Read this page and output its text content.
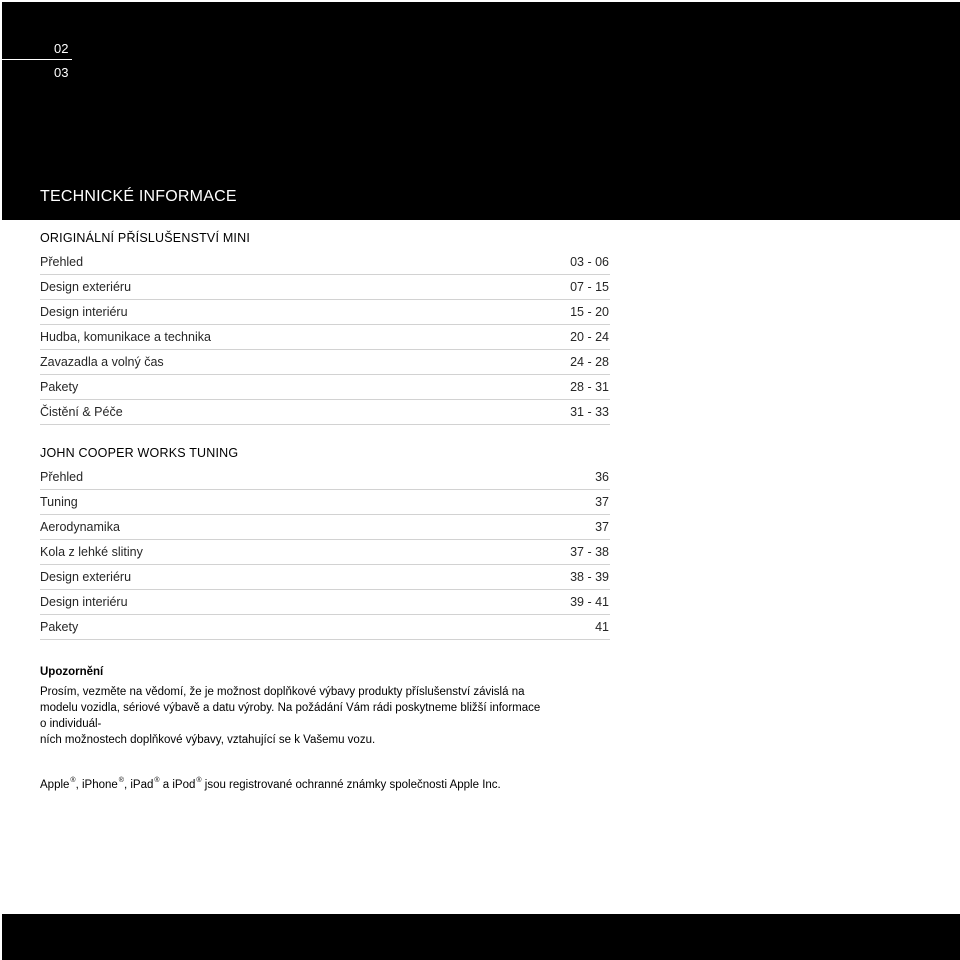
02
03
TECHNICKÉ INFORMACE
ORIGINÁLNÍ PŘÍSLUŠENSTVÍ MINI
Přehled	03 - 06
Design exteriéru	07 - 15
Design interiéru	15 - 20
Hudba, komunikace a technika	20 - 24
Zavazadla a volný čas	24 - 28
Pakety	28 - 31
Čistění & Péče	31 - 33
JOHN COOPER WORKS TUNING
Přehled	36
Tuning	37
Aerodynamika	37
Kola z lehké slitiny	37 - 38
Design exteriéru	38 - 39
Design interiéru	39 - 41
Pakety	41
Upozornění

Prosím, vezměte na vědomí, že je možnost doplňkové výbavy produkty příslušenství závislá na
modelu vozidla, sériové výbavě a datu výroby. Na požádání Vám rádi poskytneme bližší informace
o individuál-
ních možnostech doplňkové výbavy, vztahující se k Vašemu vozu.

Apple®, iPhone®, iPad® a iPod® jsou registrované ochranné známky společnosti Apple Inc.
